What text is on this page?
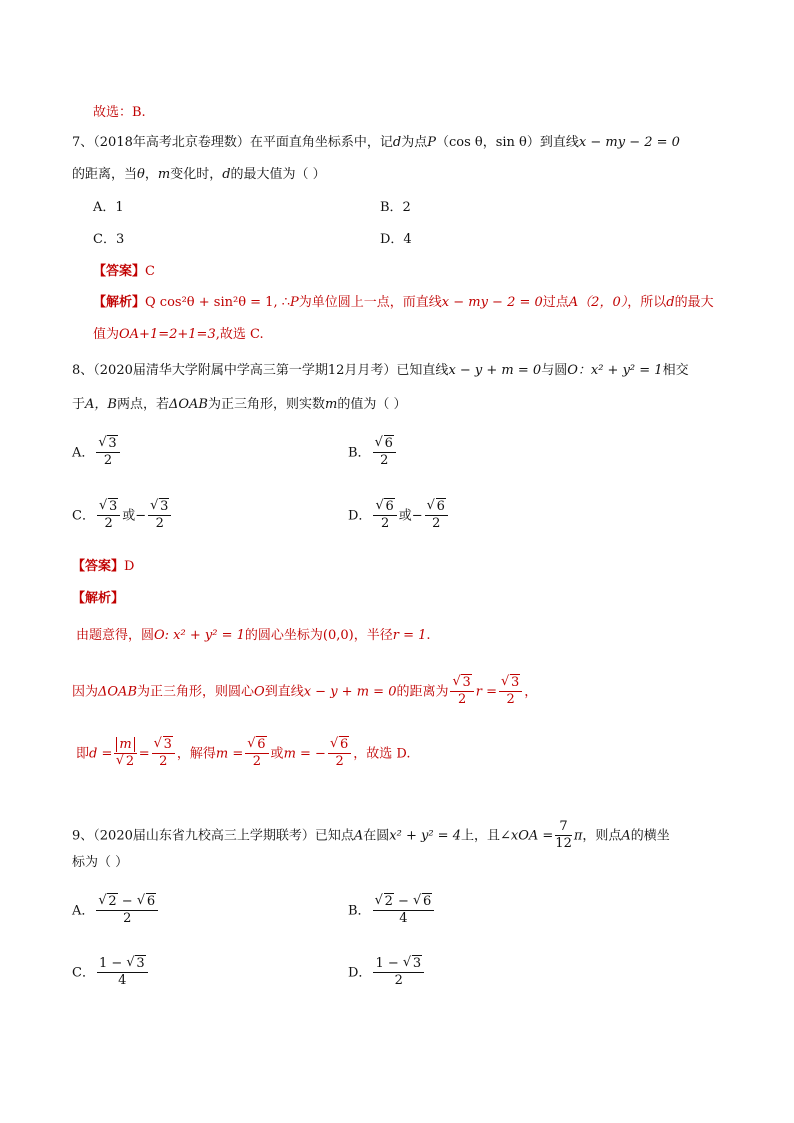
故选：B.
7、（2018年高考北京卷理数）在平面直角坐标系中，记d为点P（cos θ，sin θ）到直线x − my − 2 = 0
的距离，当θ，m变化时，d的最大值为（ ）
A．1	B．2
C．3	D．4
【答案】C
【解析】Q cos²θ + sin²θ = 1, ∴P为单位圆上一点，而直线x − my − 2 = 0过点A（2，0），所以d的最大
值为OA+1=2+1=3,故选 C.
8、（2020届清华大学附属中学高三第一学期12月月考）已知直线x − y + m = 0与圆O：x² + y² = 1相交
于A，B两点，若ΔOAB为正三角形，则实数m的值为（ ）
A． √ $\frac{3}{2}$	B． √ $\frac{6}{2}$
C． √ $\frac{3}{2}$ 或− √ $\frac{3}{2}$	D． √ $\frac{6}{2}$ 或− √ $\frac{6}{2}$
【答案】D
【解析】
由题意得，圆O: x² + y² = 1的圆心坐标为(0,0)，半径r = 1.
因为ΔOAB为正三角形，则圆心O到直线x − y + m = 0的距离为 √ $\frac{3}{2}$ r = √ $\frac{3}{2}$ ，
即d = m
√ 2 = √ $\frac{3}{2}$ ，解得m = √ $\frac{6}{2}$ 或m = − √ $\frac{6}{2}$ ，故选 D.
9、（2020届山东省九校高三上学期联考）已知点A在圆x² + y² = 4上，且∠xOA = $\frac{7}{12}$ π，则点A的横坐
标为（ ）
A． √ $\frac{2 - √ 6}{2}$	B． √ $\frac{2 - √ 6}{4}$
C． $\frac{1 - √ 3}{4}$	D． $\frac{1 - √ 3}{2}$
